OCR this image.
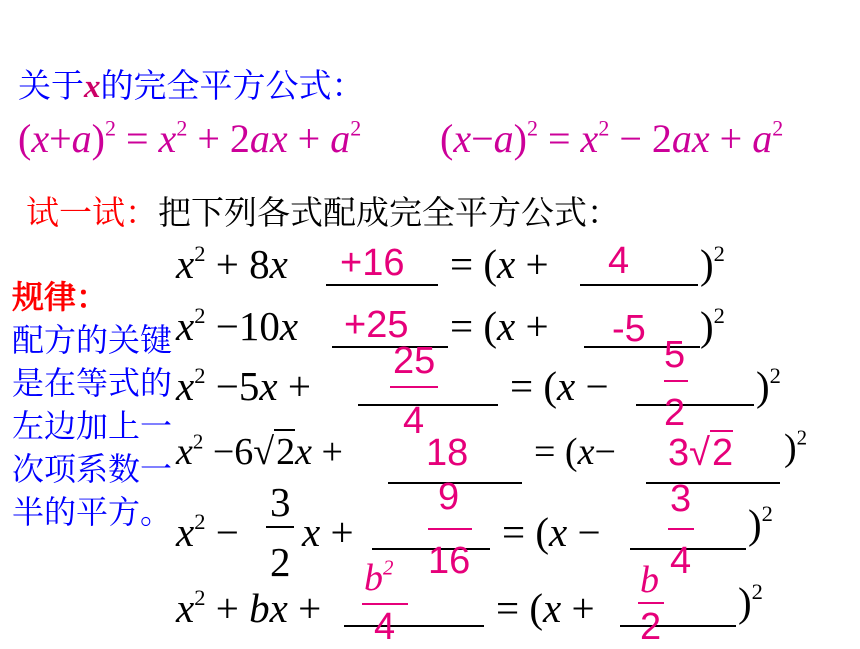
关于x的完全平方公式：
$(x+a)^2 = x^2 + 2ax + a^2$ $(x-a)^2 = x^2 - 2ax + a^2$
试一试：把下列各式配成完全平方公式：
规律：
配方的关键是在等式的左边加上一次项系数一半的平方。
$x^2 + 8x +16 = (x + 4$ )$^2$
$x^2 -10x +25 = (x + -5$ )$^2$
$x^2 -5x$ +
25
4
= (x −
5
2
)$^2$
$x^2 -6√2x + 18 = (x- 3√2$ )$^2$
$x^2$ −
3
2
x +
9
16
= (x −
3
4
)$^2$
$x^2$ + bx +
$b^2$
4 = (x +
b
2
)$^2$
